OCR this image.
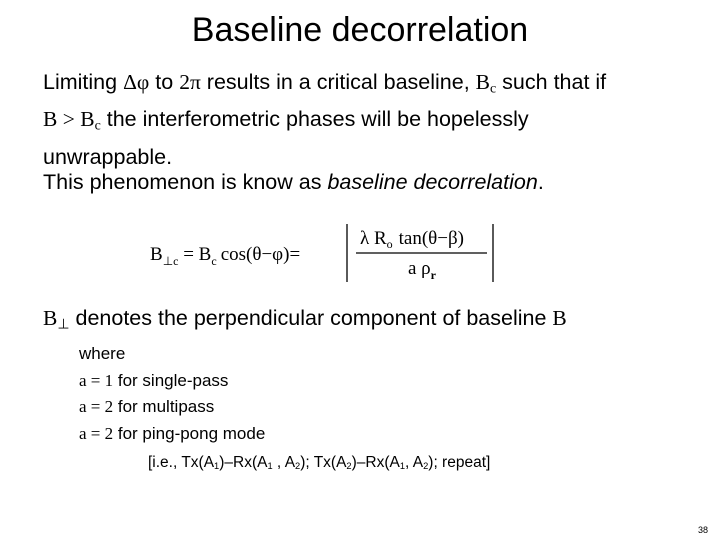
Baseline decorrelation
Limiting Δφ to 2π results in a critical baseline, Bc such that if
B > Bc the interferometric phases will be hopelessly
unwrappable.
This phenomenon is know as baseline decorrelation.
$B_\perp c = B_c$ cos(θ−φ)=
λ $R_o$ tan(θ−β)
a $\rho_r$
B⊥ denotes the perpendicular component of baseline B
where
a = 1 for single-pass
a = 2 for multipass
a = 2 for ping-pong mode
[i.e., Tx(A1)–Rx(A1 , A2); Tx(A2)–Rx(A1, A2); repeat]
38
